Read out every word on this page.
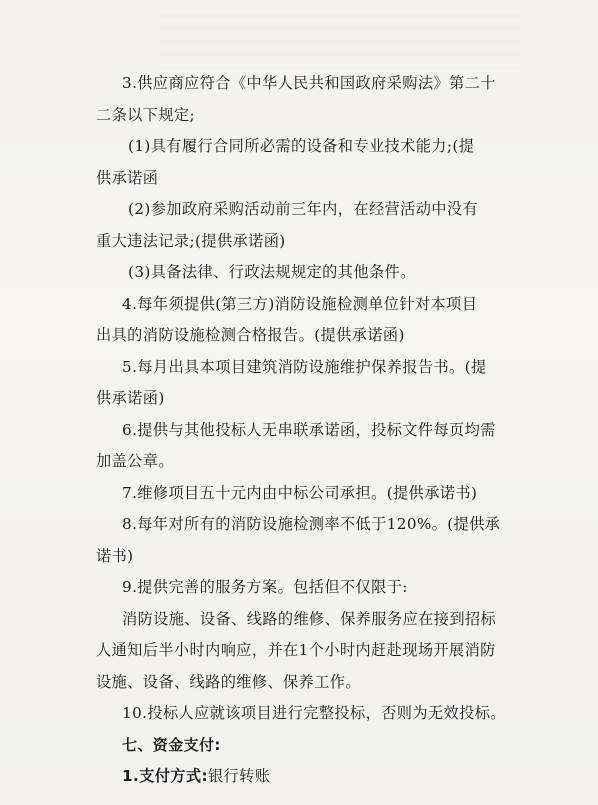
3.供应商应符合《中华人民共和国政府采购法》第二十
二条以下规定;
(1)具有履行合同所必需的设备和专业技术能力;(提
供承诺函
(2)参加政府采购活动前三年内，在经营活动中没有
重大违法记录;(提供承诺函)
(3)具备法律、行政法规规定的其他条件。
4.每年须提供(第三方)消防设施检测单位针对本项目
出具的消防设施检测合格报告。(提供承诺函)
5.每月出具本项目建筑消防设施维护保养报告书。(提
供承诺函)
6.提供与其他投标人无串联承诺函，投标文件每页均需
加盖公章。
7.维修项目五十元内由中标公司承担。(提供承诺书)
8.每年对所有的消防设施检测率不低于120%。(提供承
诺书)
9.提供完善的服务方案。包括但不仅限于:
消防设施、设备、线路的维修、保养服务应在接到招标
人通知后半小时内响应，并在1个小时内赶赴现场开展消防
设施、设备、线路的维修、保养工作。
10.投标人应就该项目进行完整投标，否则为无效投标。
七、资金支付:
1.支付方式:银行转账
